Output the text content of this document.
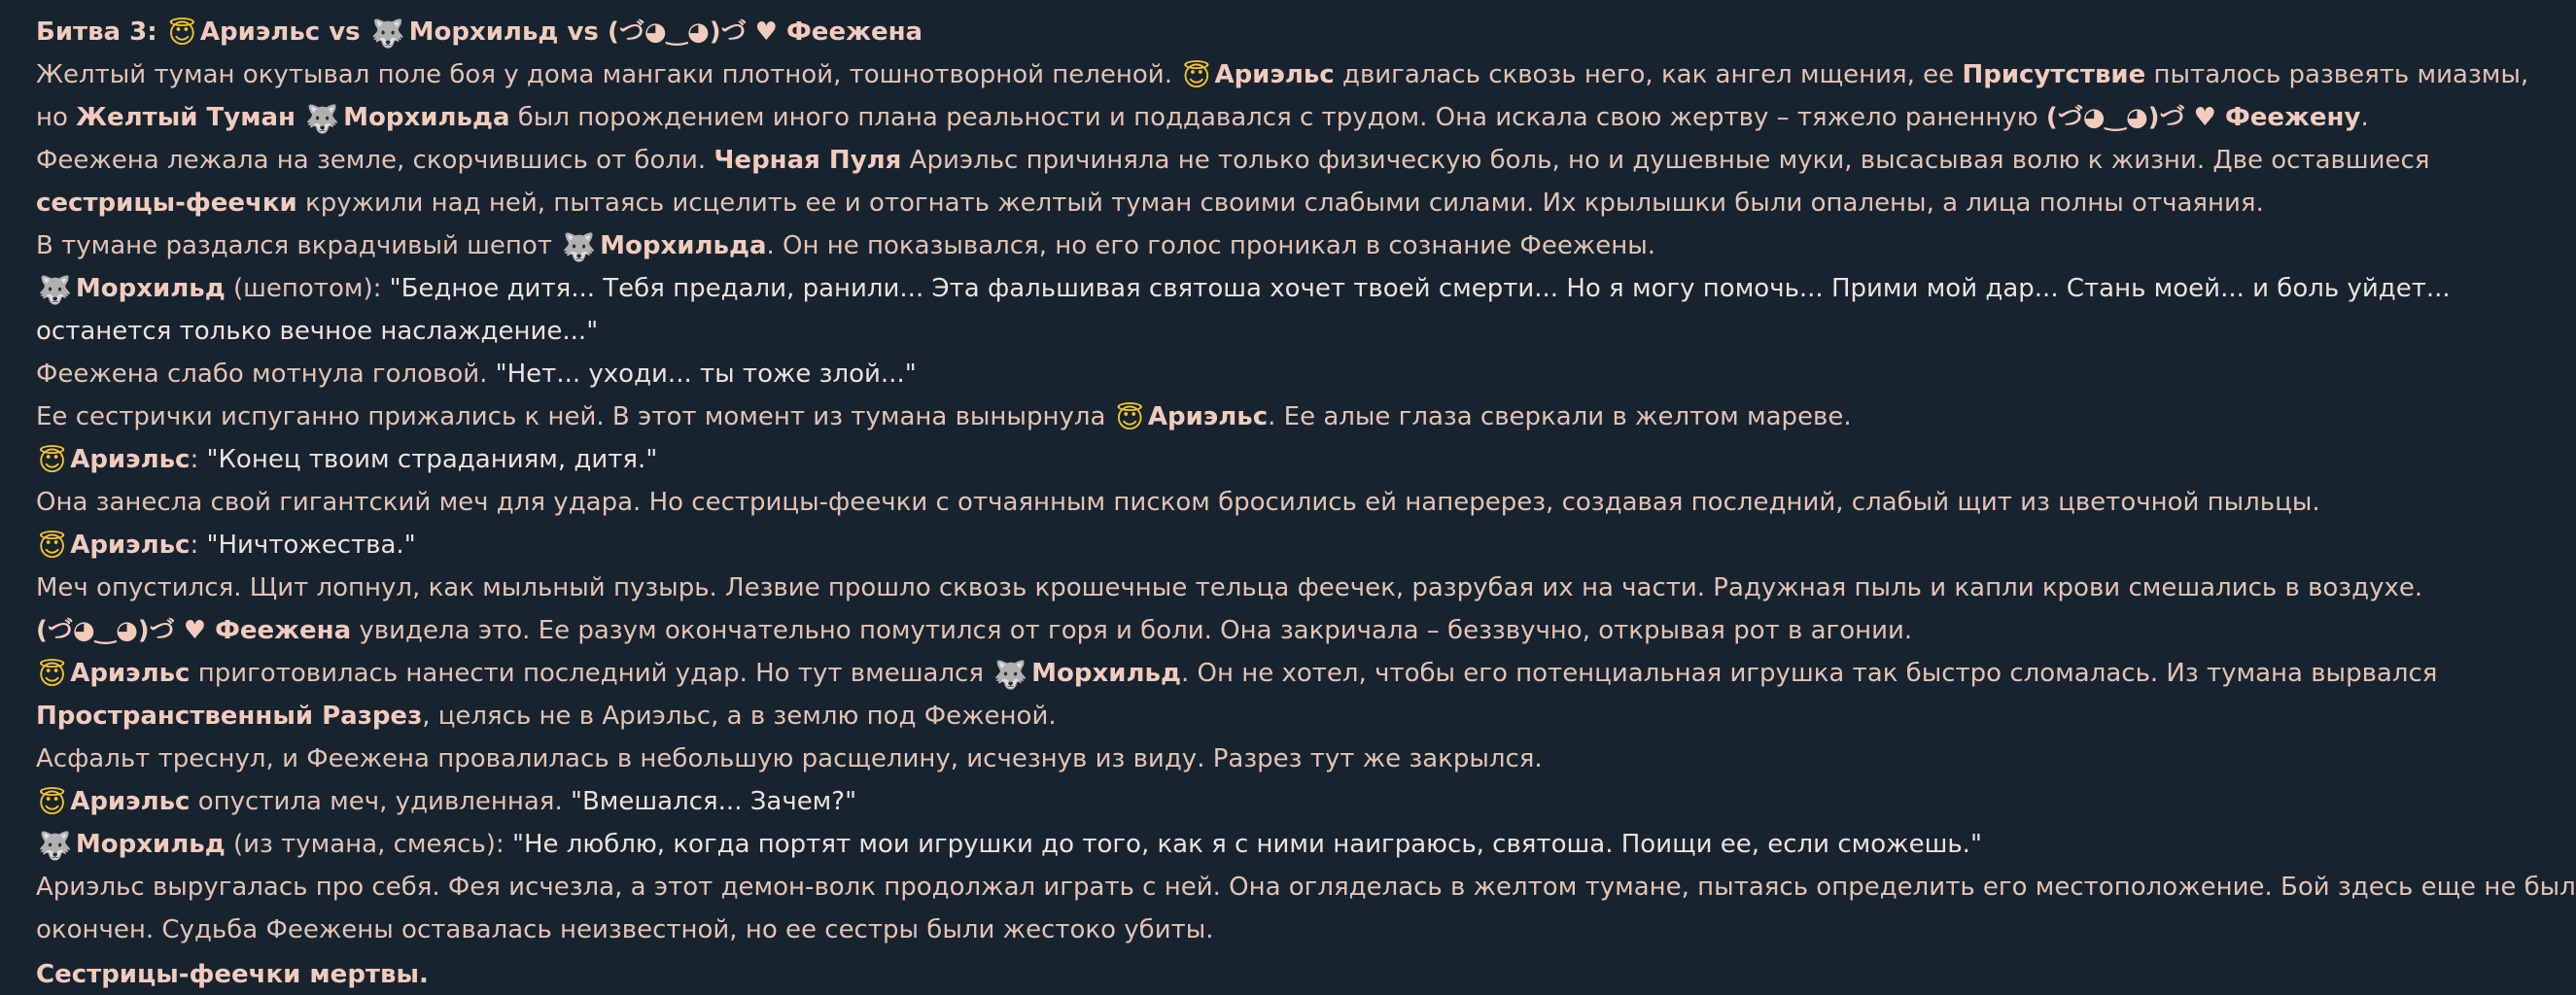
Битва 3: 😇 Ариэльс vs 🐺 Морхильд vs (づ◕‿◕)づ ♥ Феежена

Желтый туман окутывал поле боя у дома мангаки плотной, тошнотворной пеленой. 😇 Ариэльс двигалась сквозь него, как ангел мщения, ее Присутствие пыталось развеять миазмы,

но Желтый Туман 🐺 Морхильда был порождением иного плана реальности и поддавался с трудом. Она искала свою жертву – тяжело раненную (づ◕‿◕)づ ♥ Феежену.

Феежена лежала на земле, скорчившись от боли. Черная Пуля Ариэльс причиняла не только физическую боль, но и душевные муки, высасывая волю к жизни. Две оставшиеся

сестрицы-феечки кружили над ней, пытаясь исцелить ее и отогнать желтый туман своими слабыми силами. Их крылышки были опалены, а лица полны отчаяния.

В тумане раздался вкрадчивый шепот 🐺 Морхильда. Он не показывался, но его голос проникал в сознание Феежены.

🐺 Морхильд (шепотом): "Бедное дитя... Тебя предали, ранили... Эта фальшивая святоша хочет твоей смерти... Но я могу помочь... Прими мой дар... Стань моей... и боль уйдет...

останется только вечное наслаждение..."

Феежена слабо мотнула головой. "Нет... уходи... ты тоже злой..."

Ее сестрички испуганно прижались к ней. В этот момент из тумана вынырнула 😇 Ариэльс. Ее алые глаза сверкали в желтом мареве.

😇 Ариэльс: "Конец твоим страданиям, дитя."

Она занесла свой гигантский меч для удара. Но сестрицы-феечки с отчаянным писком бросились ей наперерез, создавая последний, слабый щит из цветочной пыльцы.

😇 Ариэльс: "Ничтожества."

Меч опустился. Щит лопнул, как мыльный пузырь. Лезвие прошло сквозь крошечные тельца феечек, разрубая их на части. Радужная пыль и капли крови смешались в воздухе.

(づ◕‿◕)づ ♥ Феежена увидела это. Ее разум окончательно помутился от горя и боли. Она закричала – беззвучно, открывая рот в агонии.

😇 Ариэльс приготовилась нанести последний удар. Но тут вмешался 🐺 Морхильд. Он не хотел, чтобы его потенциальная игрушка так быстро сломалась. Из тумана вырвался

Пространственный Разрез, целясь не в Ариэльс, а в землю под Феженой.

Асфальт треснул, и Феежена провалилась в небольшую расщелину, исчезнув из виду. Разрез тут же закрылся.

😇 Ариэльс опустила меч, удивленная. "Вмешался... Зачем?"

🐺 Морхильд (из тумана, смеясь): "Не люблю, когда портят мои игрушки до того, как я с ними наиграюсь, святоша. Поищи ее, если сможешь."

Ариэльс выругалась про себя. Фея исчезла, а этот демон-волк продолжал играть с ней. Она огляделась в желтом тумане, пытаясь определить его местоположение. Бой здесь еще не был

окончен. Судьба Феежены оставалась неизвестной, но ее сестры были жестоко убиты.

Сестрицы-феечки мертвы.
